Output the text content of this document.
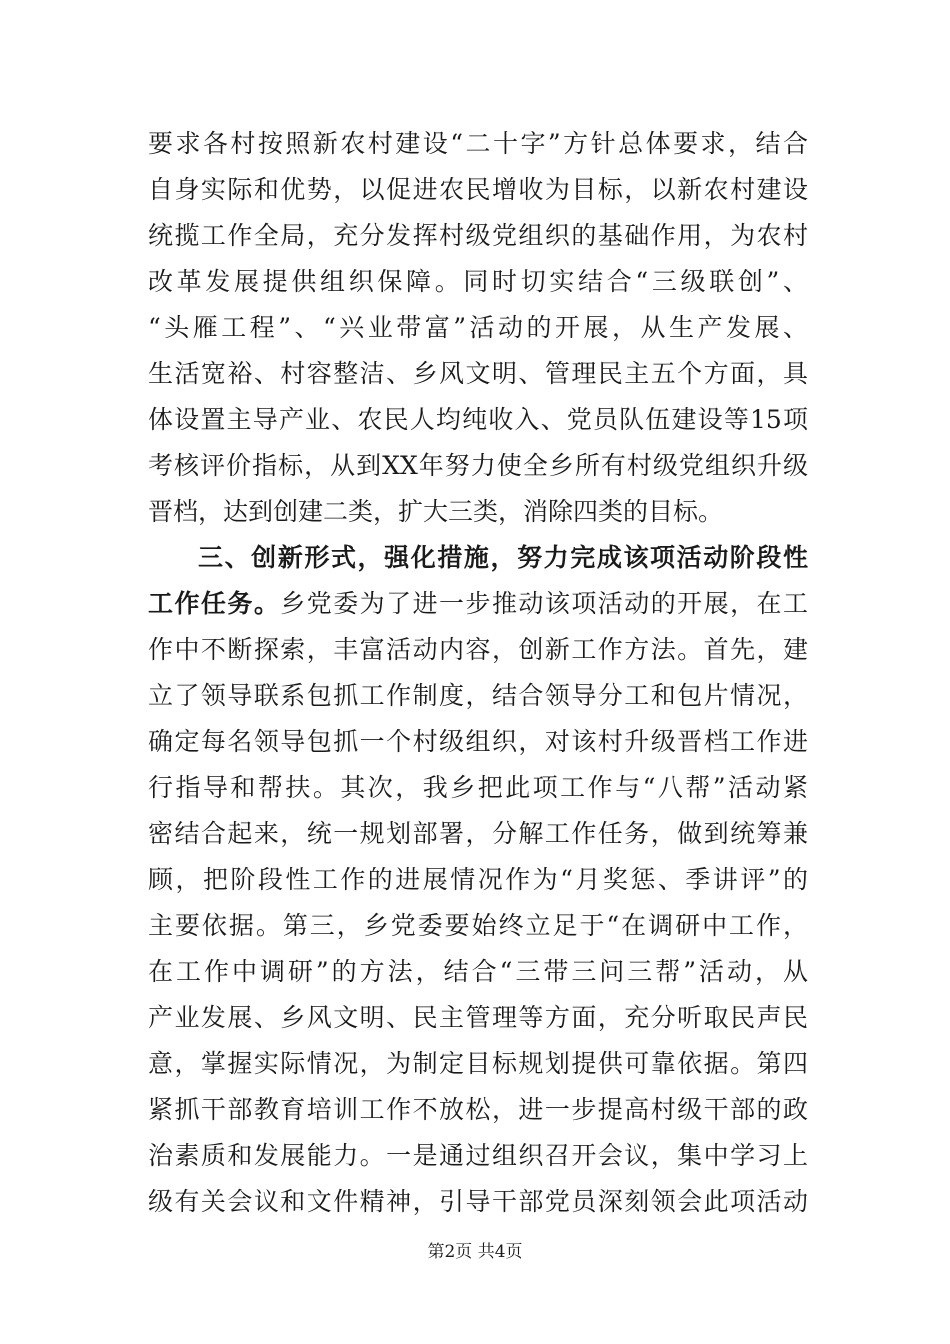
要求各村按照新农村建设“二十字”方针总体要求，结合
自身实际和优势，以促进农民增收为目标，以新农村建设
统揽工作全局，充分发挥村级党组织的基础作用，为农村
改革发展提供组织保障。同时切实结合“三级联创”、
“头雁工程”、“兴业带富”活动的开展，从生产发展、
生活宽裕、村容整洁、乡风文明、管理民主五个方面，具
体设置主导产业、农民人均纯收入、党员队伍建设等15项
考核评价指标，从到XX年努力使全乡所有村级党组织升级
晋档，达到创建二类，扩大三类，消除四类的目标。
三、创新形式，强化措施，努力完成该项活动阶段性
工作任务。乡党委为了进一步推动该项活动的开展，在工
作中不断探索，丰富活动内容，创新工作方法。首先，建
立了领导联系包抓工作制度，结合领导分工和包片情况，
确定每名领导包抓一个村级组织，对该村升级晋档工作进
行指导和帮扶。其次，我乡把此项工作与“八帮”活动紧
密结合起来，统一规划部署，分解工作任务，做到统筹兼
顾，把阶段性工作的进展情况作为“月奖惩、季讲评”的
主要依据。第三，乡党委要始终立足于“在调研中工作，
在工作中调研”的方法，结合“三带三问三帮”活动，从
产业发展、乡风文明、民主管理等方面，充分听取民声民
意，掌握实际情况，为制定目标规划提供可靠依据。第四
紧抓干部教育培训工作不放松，进一步提高村级干部的政
治素质和发展能力。一是通过组织召开会议，集中学习上
级有关会议和文件精神，引导干部党员深刻领会此项活动
第2页 共4页
